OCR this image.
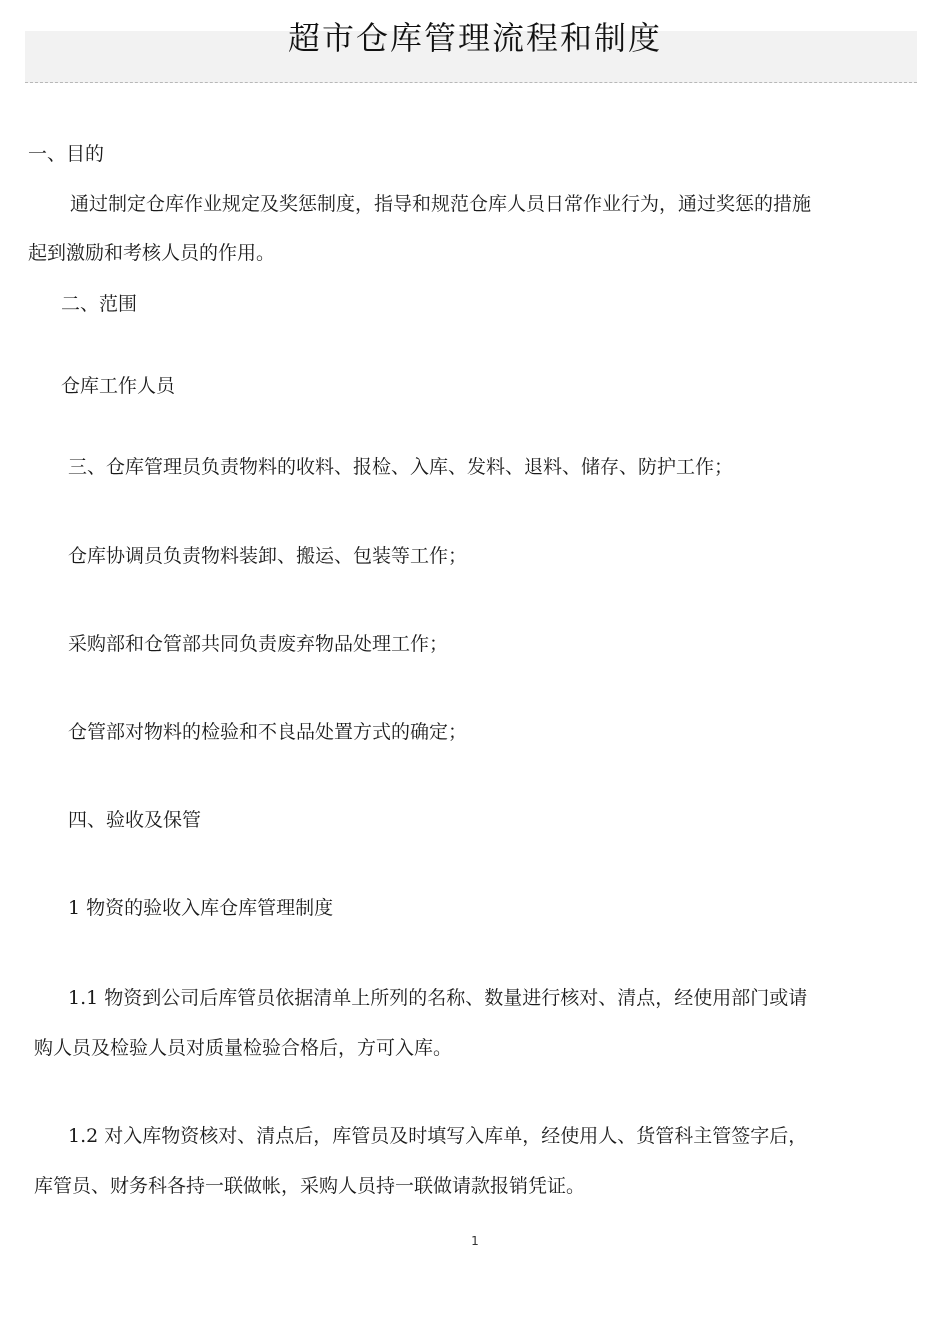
超市仓库管理流程和制度

一、目的

通过制定仓库作业规定及奖惩制度，指导和规范仓库人员日常作业行为，通过奖惩的措施

起到激励和考核人员的作用。

二、范围

仓库工作人员

三、仓库管理员负责物料的收料、报检、入库、发料、退料、储存、防护工作；

仓库协调员负责物料装卸、搬运、包装等工作；

采购部和仓管部共同负责废弃物品处理工作；

仓管部对物料的检验和不良品处置方式的确定；

四、验收及保管

1 物资的验收入库仓库管理制度

1.1 物资到公司后库管员依据清单上所列的名称、数量进行核对、清点，经使用部门或请

购人员及检验人员对质量检验合格后，方可入库。

1.2 对入库物资核对、清点后，库管员及时填写入库单，经使用人、货管科主管签字后，

库管员、财务科各持一联做帐，采购人员持一联做请款报销凭证。

1
